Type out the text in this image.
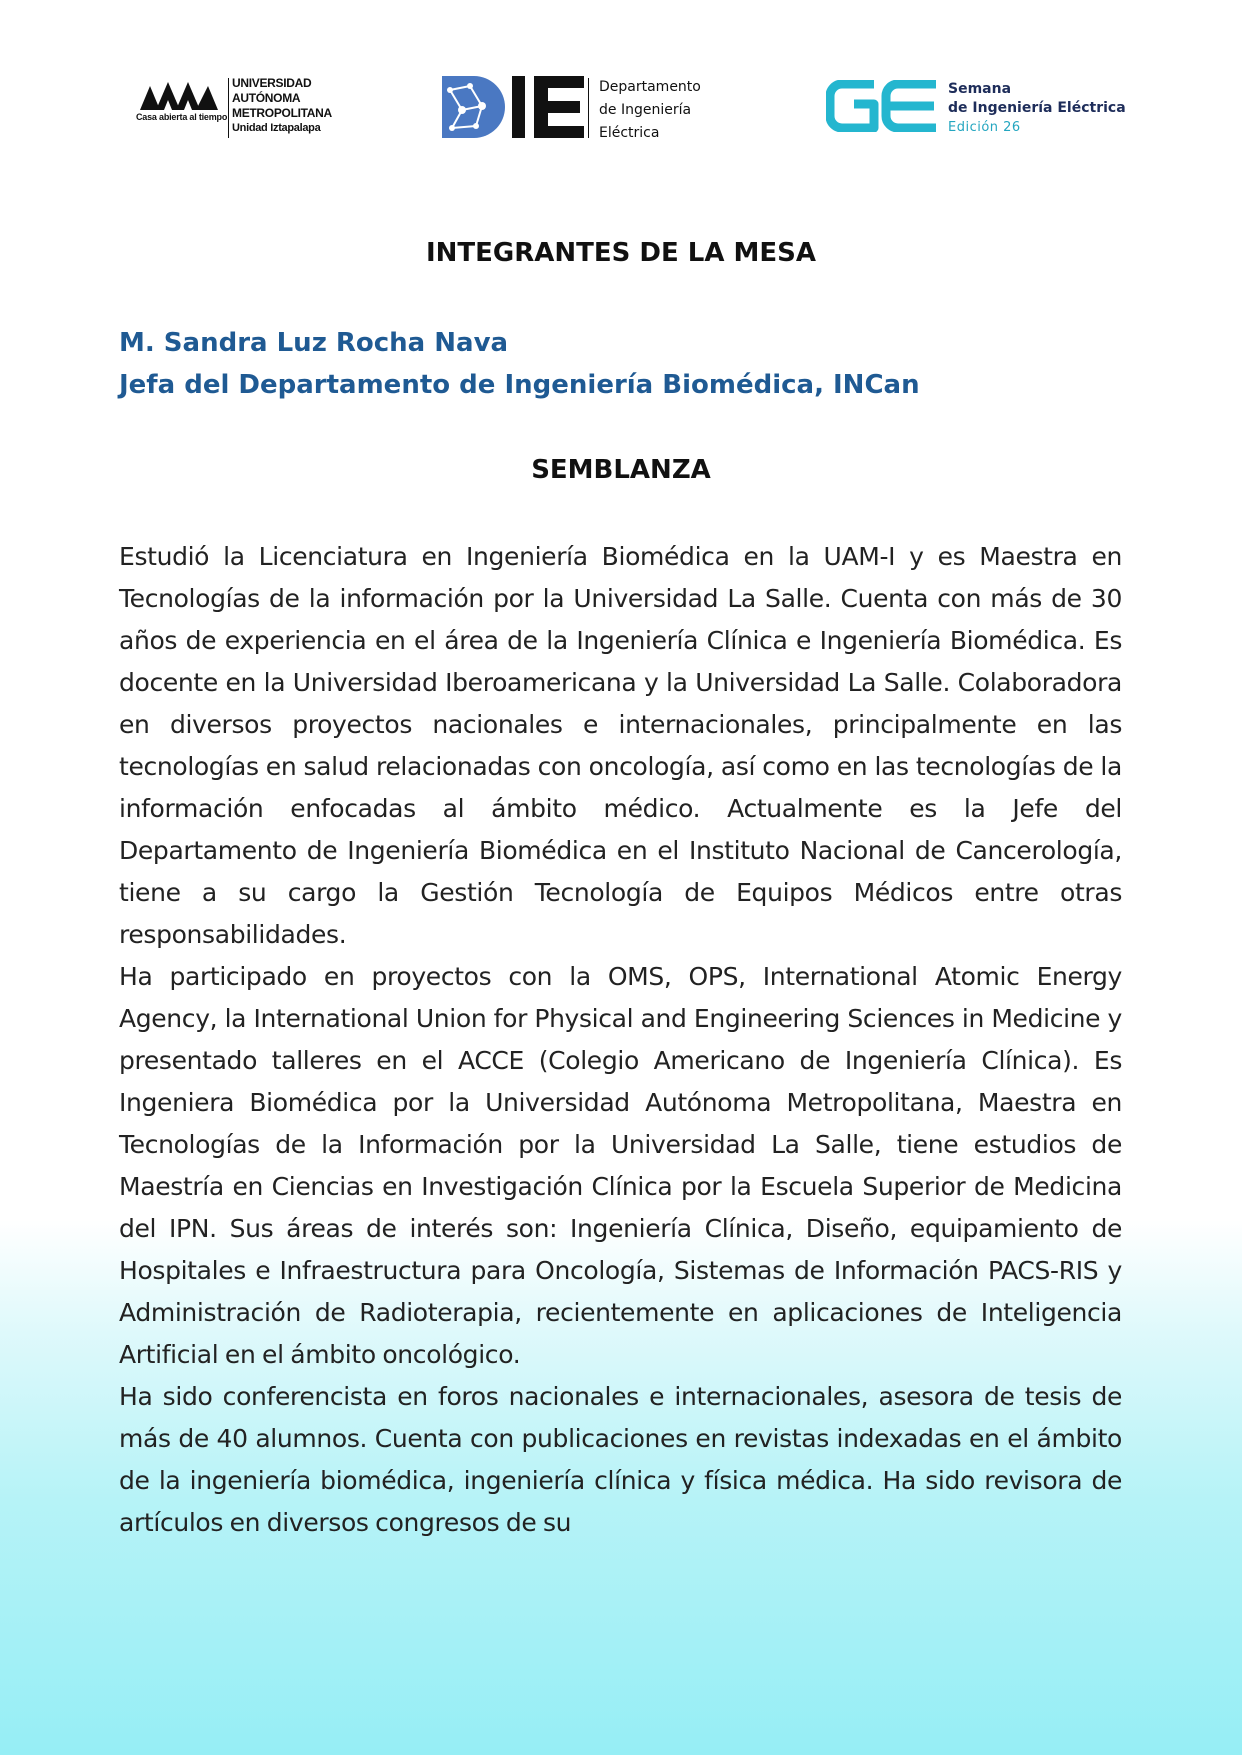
Casa abierta al tiempo
UNIVERSIDAD
AUTÓNOMA
METROPOLITANA
Unidad Iztapalapa
Departamento
de Ingeniería
Eléctrica
Semana
de Ingeniería Eléctrica
Edición 26
INTEGRANTES DE LA MESA
M. Sandra Luz Rocha Nava
Jefa del Departamento de Ingeniería Biomédica, INCan
SEMBLANZA

Estudió la Licenciatura en Ingeniería Biomédica en la UAM-I y es Maestra en Tecnologías de la información por la Universidad La Salle. Cuenta con más de 30 años de experiencia en el área de la Ingeniería Clínica e Ingeniería Biomédica. Es docente en la Universidad Iberoamericana y la Universidad La Salle. Colaboradora en diversos proyectos nacionales e internacionales, principalmente en las tecnologías en salud relacionadas con oncología, así como en las tecnologías de la información enfocadas al ámbito médico. Actualmente es la Jefe del Departamento de Ingeniería Biomédica en el Instituto Nacional de Cancerología, tiene a su cargo la Gestión Tecnología de Equipos Médicos entre otras responsabilidades.

Ha participado en proyectos con la OMS, OPS, International Atomic Energy Agency, la International Union for Physical and Engineering Sciences in Medicine y presentado talleres en el ACCE (Colegio Americano de Ingeniería Clínica). Es Ingeniera Biomédica por la Universidad Autónoma Metropolitana, Maestra en Tecnologías de la Información por la Universidad La Salle, tiene estudios de Maestría en Ciencias en Investigación Clínica por la Escuela Superior de Medicina del IPN. Sus áreas de interés son: Ingeniería Clínica, Diseño, equipamiento de Hospitales e Infraestructura para Oncología, Sistemas de Información PACS-RIS y Administración de Radioterapia, recientemente en aplicaciones de Inteligencia Artificial en el ámbito oncológico.

Ha sido conferencista en foros nacionales e internacionales, asesora de tesis de más de 40 alumnos. Cuenta con publicaciones en revistas indexadas en el ámbito de la ingeniería biomédica, ingeniería clínica y física médica. Ha sido revisora de artículos en diversos congresos de su
